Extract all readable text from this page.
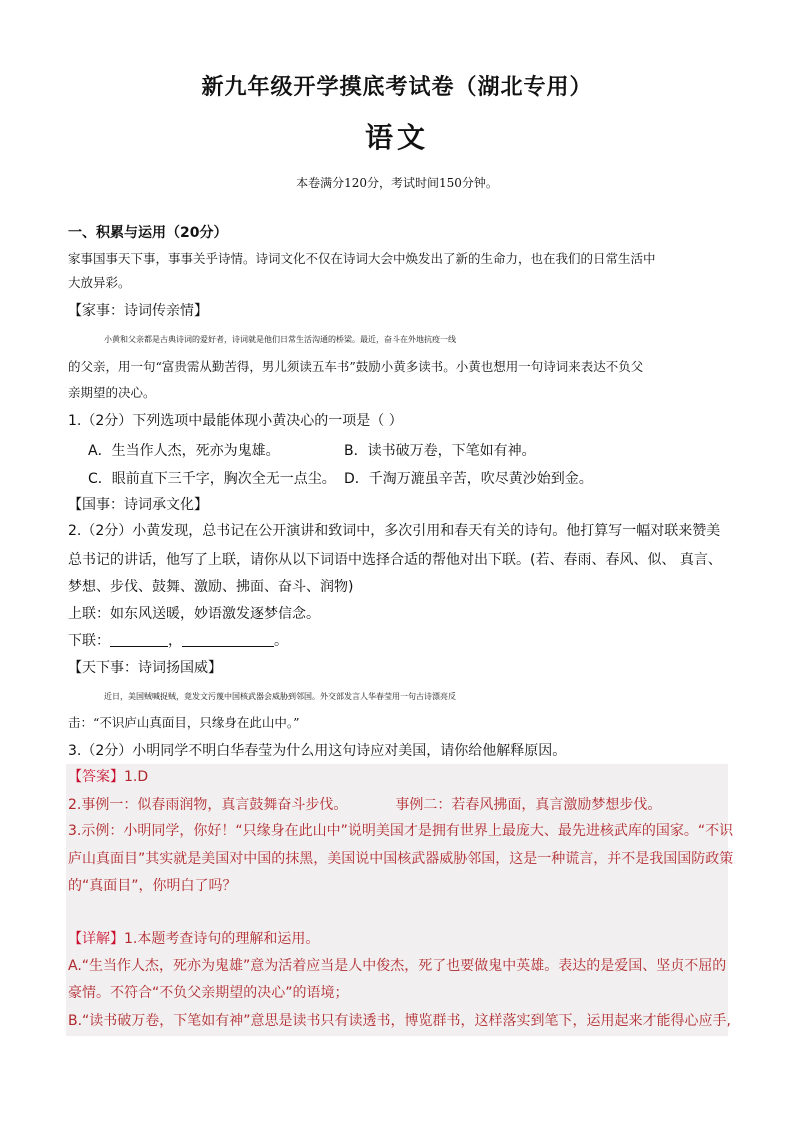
新九年级开学摸底考试卷（湖北专用）
语文
本卷满分120分，考试时间150分钟。
一、积累与运用（20分）
家事国事天下事，事事关乎诗情。诗词文化不仅在诗词大会中焕发出了新的生命力，也在我们的日常生活中
大放异彩。
【家事：诗词传亲情】
小黄和父亲都是古典诗词的爱好者，诗词就是他们日常生活沟通的桥梁。最近，奋斗在外地抗疫一线
的父亲，用一句“富贵需从勤苦得，男儿须读五车书”鼓励小黄多读书。小黄也想用一句诗词来表达不负父
亲期望的决心。
1.（2分）下列选项中最能体现小黄决心的一项是（ ）
A．生当作人杰，死亦为鬼雄。	B．读书破万卷，下笔如有神。
C．眼前直下三千字，胸次全无一点尘。 D．千淘万漉虽辛苦，吹尽黄沙始到金。
【国事：诗词承文化】
2.（2分）小黄发现，总书记在公开演讲和致词中，多次引用和春天有关的诗句。他打算写一幅对联来赞美
总书记的讲话，他写了上联，请你从以下词语中选择合适的帮他对出下联。(若、春雨、春风、似、 真言、
梦想、步伐、鼓舞、激励、拂面、奋斗、润物)
上联：如东风送暖，妙语激发逐梦信念。
下联：	，	。
【天下事：诗词扬国威】
近日，美国贼喊捉贼，竟发文污蔑中国核武器会威胁到邻国。外交部发言人华春莹用一句古诗漂亮反
击：“不识庐山真面目，只缘身在此山中。”
3.（2分）小明同学不明白华春莹为什么用这句诗应对美国，请你给他解释原因。
【答案】1.D
2.事例一：似春雨润物，真言鼓舞奋斗步伐。	事例二：若春风拂面，真言激励梦想步伐。
3.示例：小明同学，你好！“只缘身在此山中”说明美国才是拥有世界上最庞大、最先进核武库的国家。“不识
庐山真面目”其实就是美国对中国的抹黑，美国说中国核武器威胁邻国，这是一种谎言，并不是我国国防政策
的“真面目”，你明白了吗？
【详解】1.本题考查诗句的理解和运用。
A.“生当作人杰，死亦为鬼雄”意为活着应当是人中俊杰，死了也要做鬼中英雄。表达的是爱国、坚贞不屈的
豪情。不符合“不负父亲期望的决心”的语境；
B.“读书破万卷，下笔如有神”意思是读书只有读透书，博览群书，这样落实到笔下，运用起来才能得心应手,
